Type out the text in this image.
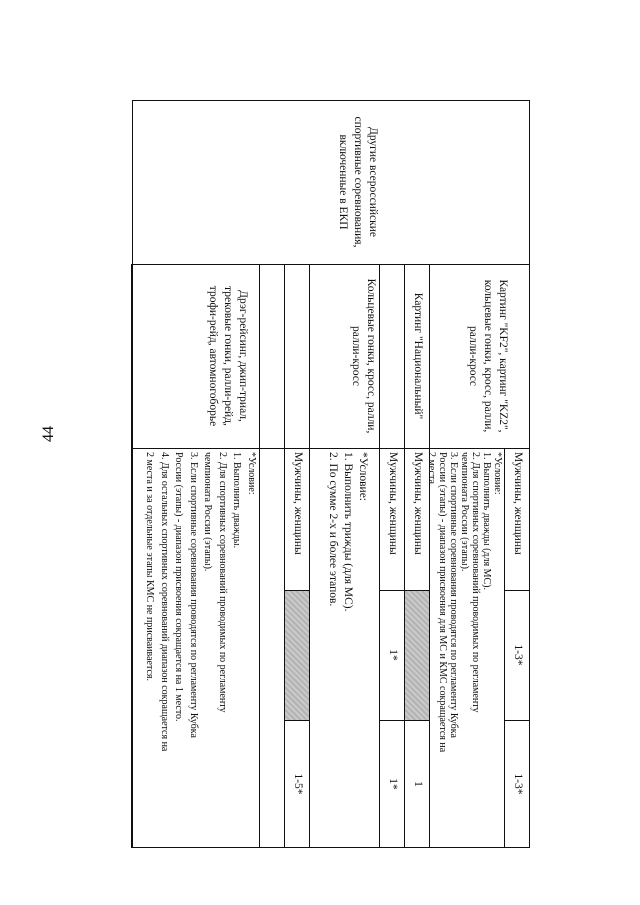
44
Другие всероссийские
спортивные соревнования,
включенные в ЕКП
Картинг "KF2", картинг "KZ2",
кольцевые гонки, кросс, ралли,
ралли-кросс
Мужчины, женщины
1-3*
1-3*
*Условие:
1. Выполнить дважды (для МС).
2. Для спортивных соревнований проводимых по регламенту
чемпионата России (этапы).
3. Если спортивные соревнования проводятся по регламенту Кубка
России (этапы) - диапазон присвоения для МС и КМС сокращается на
2 места.
Картинг "Национальный"
Мужчины, женщины
1
Кольцевые гонки, кросс, ралли,
ралли-кросс
Мужчины, женщины
1*
1*
*Условие:
1. Выполнить трижды (для МС).
2. По сумме 2-х и более этапов.
Дрэг-рейсинг, джип-триал,
трековые гонки, ралли-рейд,
трофи-рейд, автомногоборье
Мужчины, женщины
1-5*
*Условие:
1. Выполнить дважды.
2. Для спортивных соревнований проводимых по регламенту
чемпионата России (этапы).
3. Если спортивные соревнования проводятся по регламенту Кубка
России (этапы) - диапазон присвоения сокращается на 1 место.
4. Для остальных спортивных соревнований диапазон сокращается на
2 места и за отдельные этапы КМС не присваивается.
